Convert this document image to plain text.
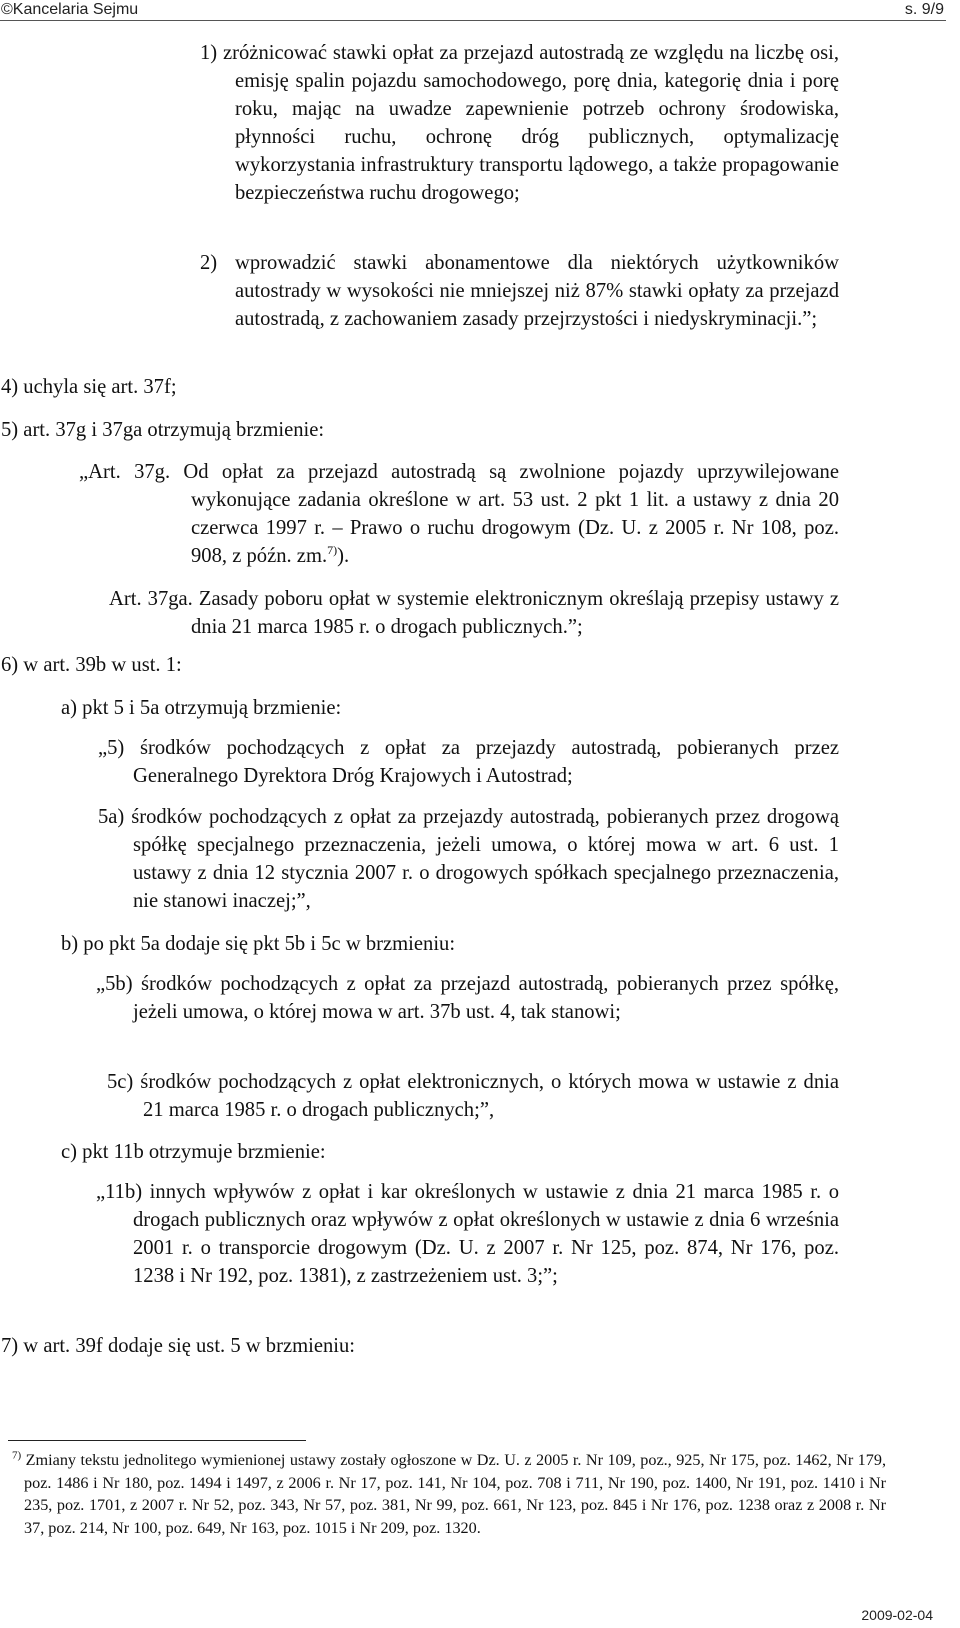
©Kancelaria Sejmu	s. 9/9

1) zróżnicować stawki opłat za przejazd autostradą ze względu na liczbę osi, emisję spalin pojazdu samochodowego, porę dnia, kategorię dnia i porę roku, mając na uwadze zapewnienie potrzeb ochrony środowiska, płynności ruchu, ochronę dróg publicznych, optymalizację wykorzystania infrastruktury transportu lądowego, a także propagowanie bezpieczeństwa ruchu drogowego;

2) wprowadzić stawki abonamentowe dla niektórych użytkowników autostrady w wysokości nie mniejszej niż 87% stawki opłaty za przejazd autostradą, z zachowaniem zasady przejrzystości i niedyskryminacji.”;

4) uchyla się art. 37f;

5) art. 37g i 37ga otrzymują brzmienie:

„Art. 37g. Od opłat za przejazd autostradą są zwolnione pojazdy uprzywilejowane wykonujące zadania określone w art. 53 ust. 2 pkt 1 lit. a ustawy z dnia 20 czerwca 1997 r. – Prawo o ruchu drogowym (Dz. U. z 2005 r. Nr 108, poz. 908, z późn. zm.$^{7)}$).

Art. 37ga. Zasady poboru opłat w systemie elektronicznym określają przepisy ustawy z dnia 21 marca 1985 r. o drogach publicznych.”;

6) w art. 39b w ust. 1:

a) pkt 5 i 5a otrzymują brzmienie:

„5) środków pochodzących z opłat za przejazdy autostradą, pobieranych przez Generalnego Dyrektora Dróg Krajowych i Autostrad;

5a) środków pochodzących z opłat za przejazdy autostradą, pobieranych przez drogową spółkę specjalnego przeznaczenia, jeżeli umowa, o której mowa w art. 6 ust. 1 ustawy z dnia 12 stycznia 2007 r. o drogowych spółkach specjalnego przeznaczenia, nie stanowi inaczej;”,

b) po pkt 5a dodaje się pkt 5b i 5c w brzmieniu:

„5b) środków pochodzących z opłat za przejazd autostradą, pobieranych przez spółkę, jeżeli umowa, o której mowa w art. 37b ust. 4, tak stanowi;

5c) środków pochodzących z opłat elektronicznych, o których mowa w ustawie z dnia 21 marca 1985 r. o drogach publicznych;”,

c) pkt 11b otrzymuje brzmienie:

„11b) innych wpływów z opłat i kar określonych w ustawie z dnia 21 marca 1985 r. o drogach publicznych oraz wpływów z opłat określonych w ustawie z dnia 6 września 2001 r. o transporcie drogowym (Dz. U. z 2007 r. Nr 125, poz. 874, Nr 176, poz. 1238 i Nr 192, poz. 1381), z zastrzeżeniem ust. 3;”;

7) w art. 39f dodaje się ust. 5 w brzmieniu:

$^{7)}$ Zmiany tekstu jednolitego wymienionej ustawy zostały ogłoszone w Dz. U. z 2005 r. Nr 109, poz., 925, Nr 175, poz. 1462, Nr 179, poz. 1486 i Nr 180, poz. 1494 i 1497, z 2006 r. Nr 17, poz. 141, Nr 104, poz. 708 i 711, Nr 190, poz. 1400, Nr 191, poz. 1410 i Nr 235, poz. 1701, z 2007 r. Nr 52, poz. 343, Nr 57, poz. 381, Nr 99, poz. 661, Nr 123, poz. 845 i Nr 176, poz. 1238 oraz z 2008 r. Nr 37, poz. 214, Nr 100, poz. 649, Nr 163, poz. 1015 i Nr 209, poz. 1320.

2009-02-04
